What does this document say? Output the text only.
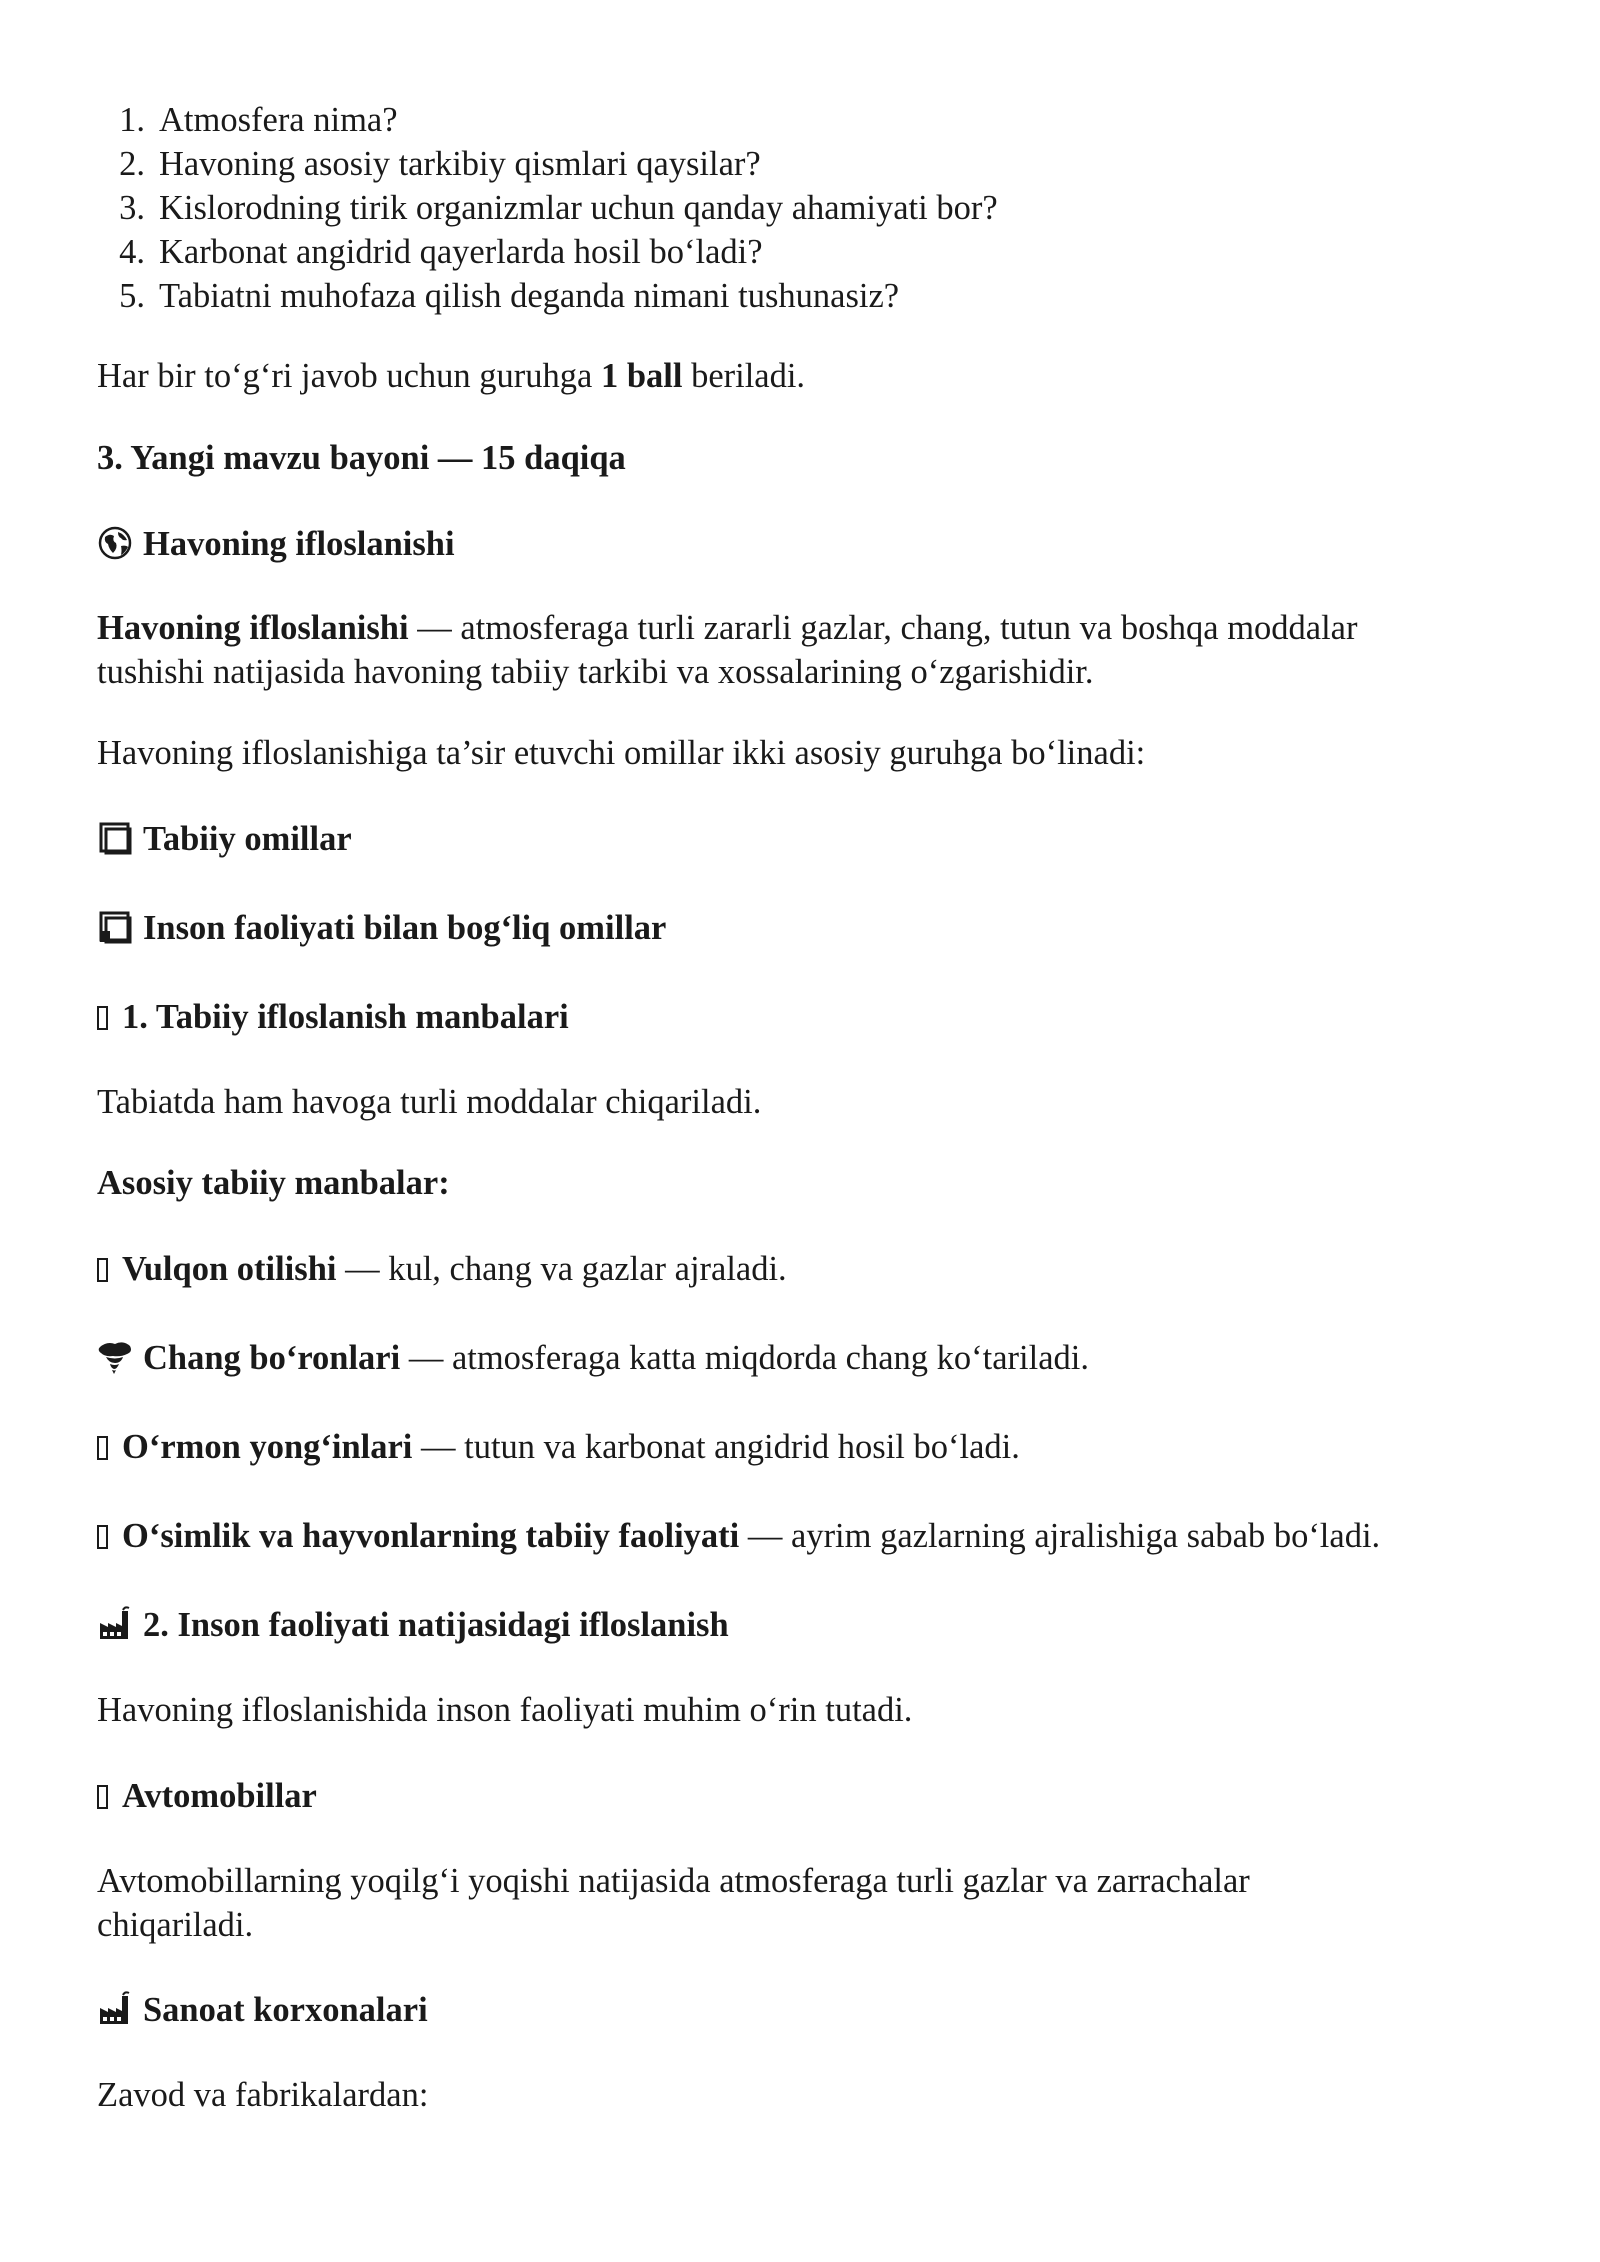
1. Atmosfera nima?
2. Havoning asosiy tarkibiy qismlari qaysilar?
3. Kislorodning tirik organizmlar uchun qanday ahamiyati bor?
4. Karbonat angidrid qayerlarda hosil bo‘ladi?
5. Tabiatni muhofaza qilish deganda nimani tushunasiz?
Har bir to‘g‘ri javob uchun guruhga 1 ball beriladi.
3. Yangi mavzu bayoni — 15 daqiqa
Havoning ifloslanishi
Havoning ifloslanishi — atmosferaga turli zararli gazlar, chang, tutun va boshqa moddalar
tushishi natijasida havoning tabiiy tarkibi va xossalarining o‘zgarishidir.
Havoning ifloslanishiga ta’sir etuvchi omillar ikki asosiy guruhga bo‘linadi:
Tabiiy omillar
Inson faoliyati bilan bog‘liq omillar
1. Tabiiy ifloslanish manbalari
Tabiatda ham havoga turli moddalar chiqariladi.
Asosiy tabiiy manbalar:
Vulqon otilishi — kul, chang va gazlar ajraladi.
Chang bo‘ronlari — atmosferaga katta miqdorda chang ko‘tariladi.
O‘rmon yong‘inlari — tutun va karbonat angidrid hosil bo‘ladi.
O‘simlik va hayvonlarning tabiiy faoliyati — ayrim gazlarning ajralishiga sabab bo‘ladi.
2. Inson faoliyati natijasidagi ifloslanish
Havoning ifloslanishida inson faoliyati muhim o‘rin tutadi.
Avtomobillar
Avtomobillarning yoqilg‘i yoqishi natijasida atmosferaga turli gazlar va zarrachalar
chiqariladi.
Sanoat korxonalari
Zavod va fabrikalardan:
